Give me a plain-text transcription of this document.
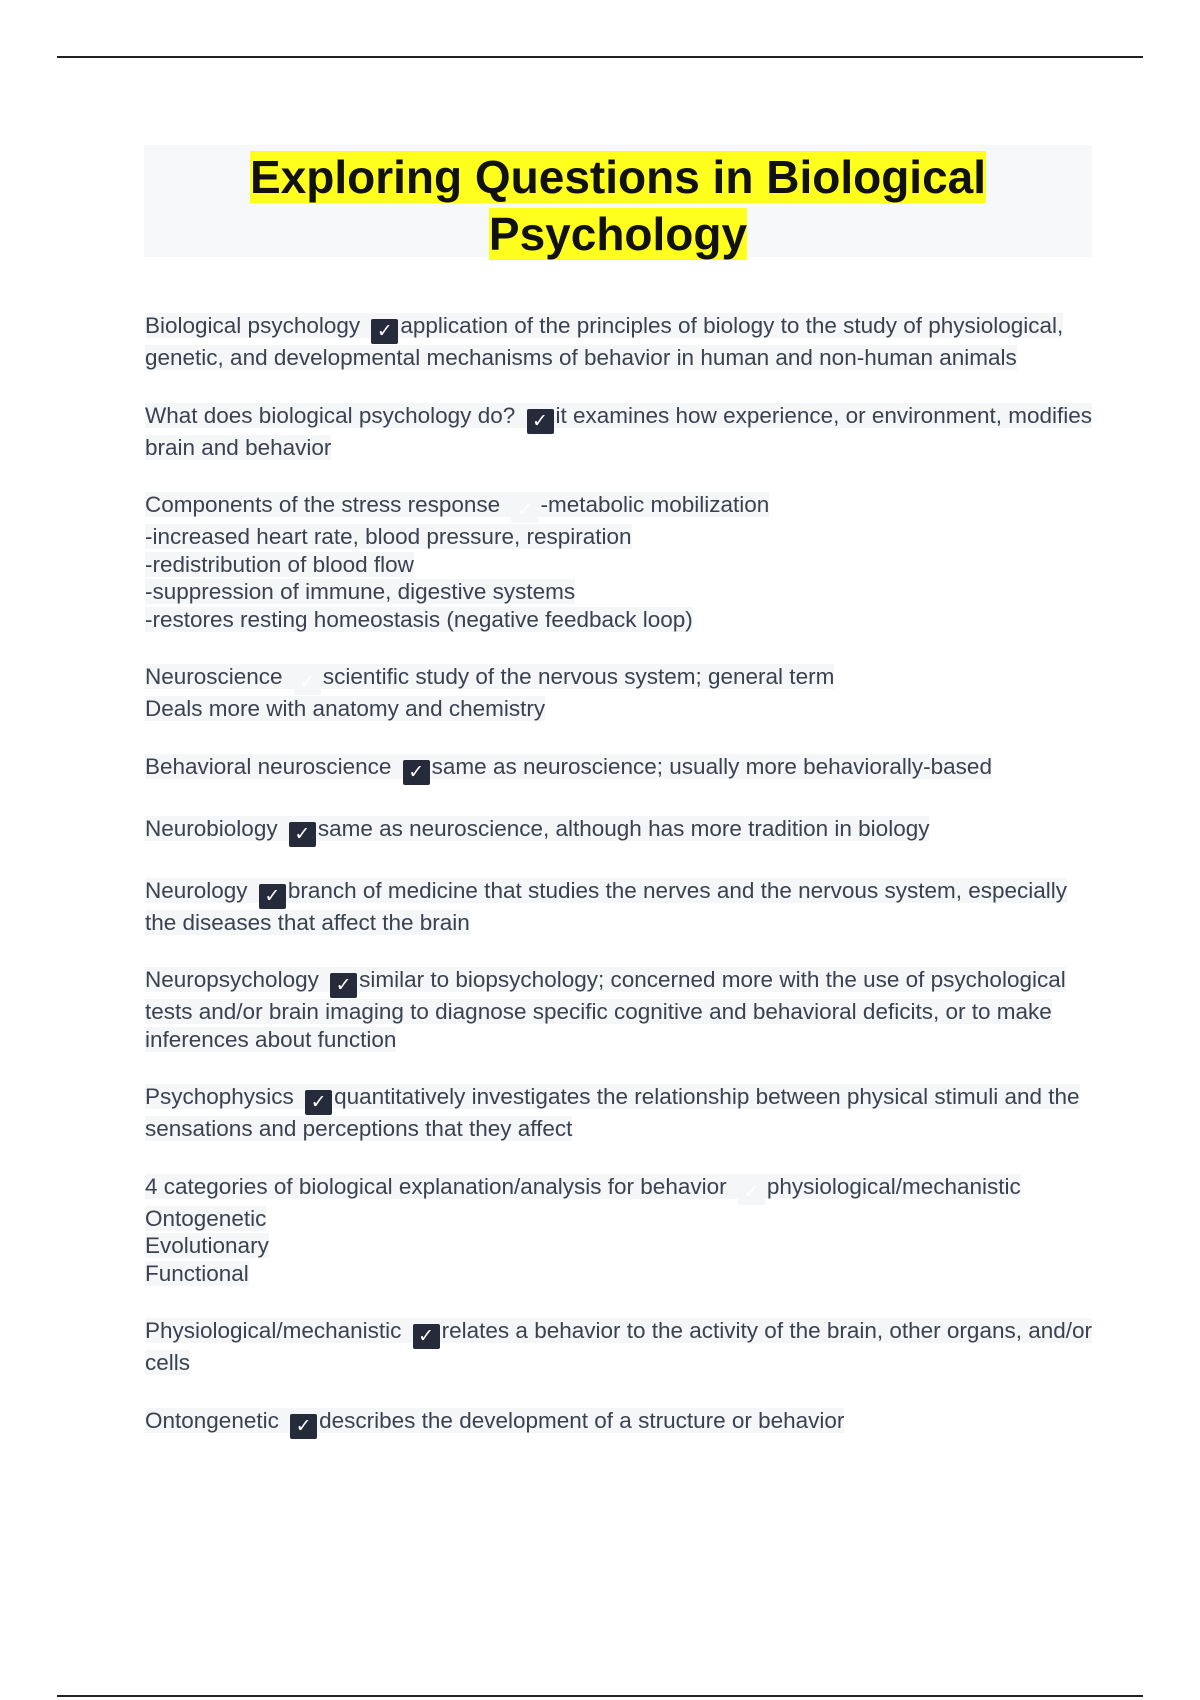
Exploring Questions in Biological Psychology
Biological psychology ✓ application of the principles of biology to the study of physiological, genetic, and developmental mechanisms of behavior in human and non-human animals
What does biological psychology do? ✓ it examines how experience, or environment, modifies brain and behavior
Components of the stress response ✓ -metabolic mobilization
-increased heart rate, blood pressure, respiration
-redistribution of blood flow
-suppression of immune, digestive systems
-restores resting homeostasis (negative feedback loop)
Neuroscience ✓ scientific study of the nervous system; general term
Deals more with anatomy and chemistry
Behavioral neuroscience ✓ same as neuroscience; usually more behaviorally-based
Neurobiology ✓ same as neuroscience, although has more tradition in biology
Neurology ✓ branch of medicine that studies the nerves and the nervous system, especially the diseases that affect the brain
Neuropsychology ✓ similar to biopsychology; concerned more with the use of psychological tests and/or brain imaging to diagnose specific cognitive and behavioral deficits, or to make inferences about function
Psychophysics ✓ quantitatively investigates the relationship between physical stimuli and the sensations and perceptions that they affect
4 categories of biological explanation/analysis for behavior ✓ physiological/mechanistic
Ontogenetic
Evolutionary
Functional
Physiological/mechanistic ✓ relates a behavior to the activity of the brain, other organs, and/or cells
Ontongenetic ✓ describes the development of a structure or behavior
